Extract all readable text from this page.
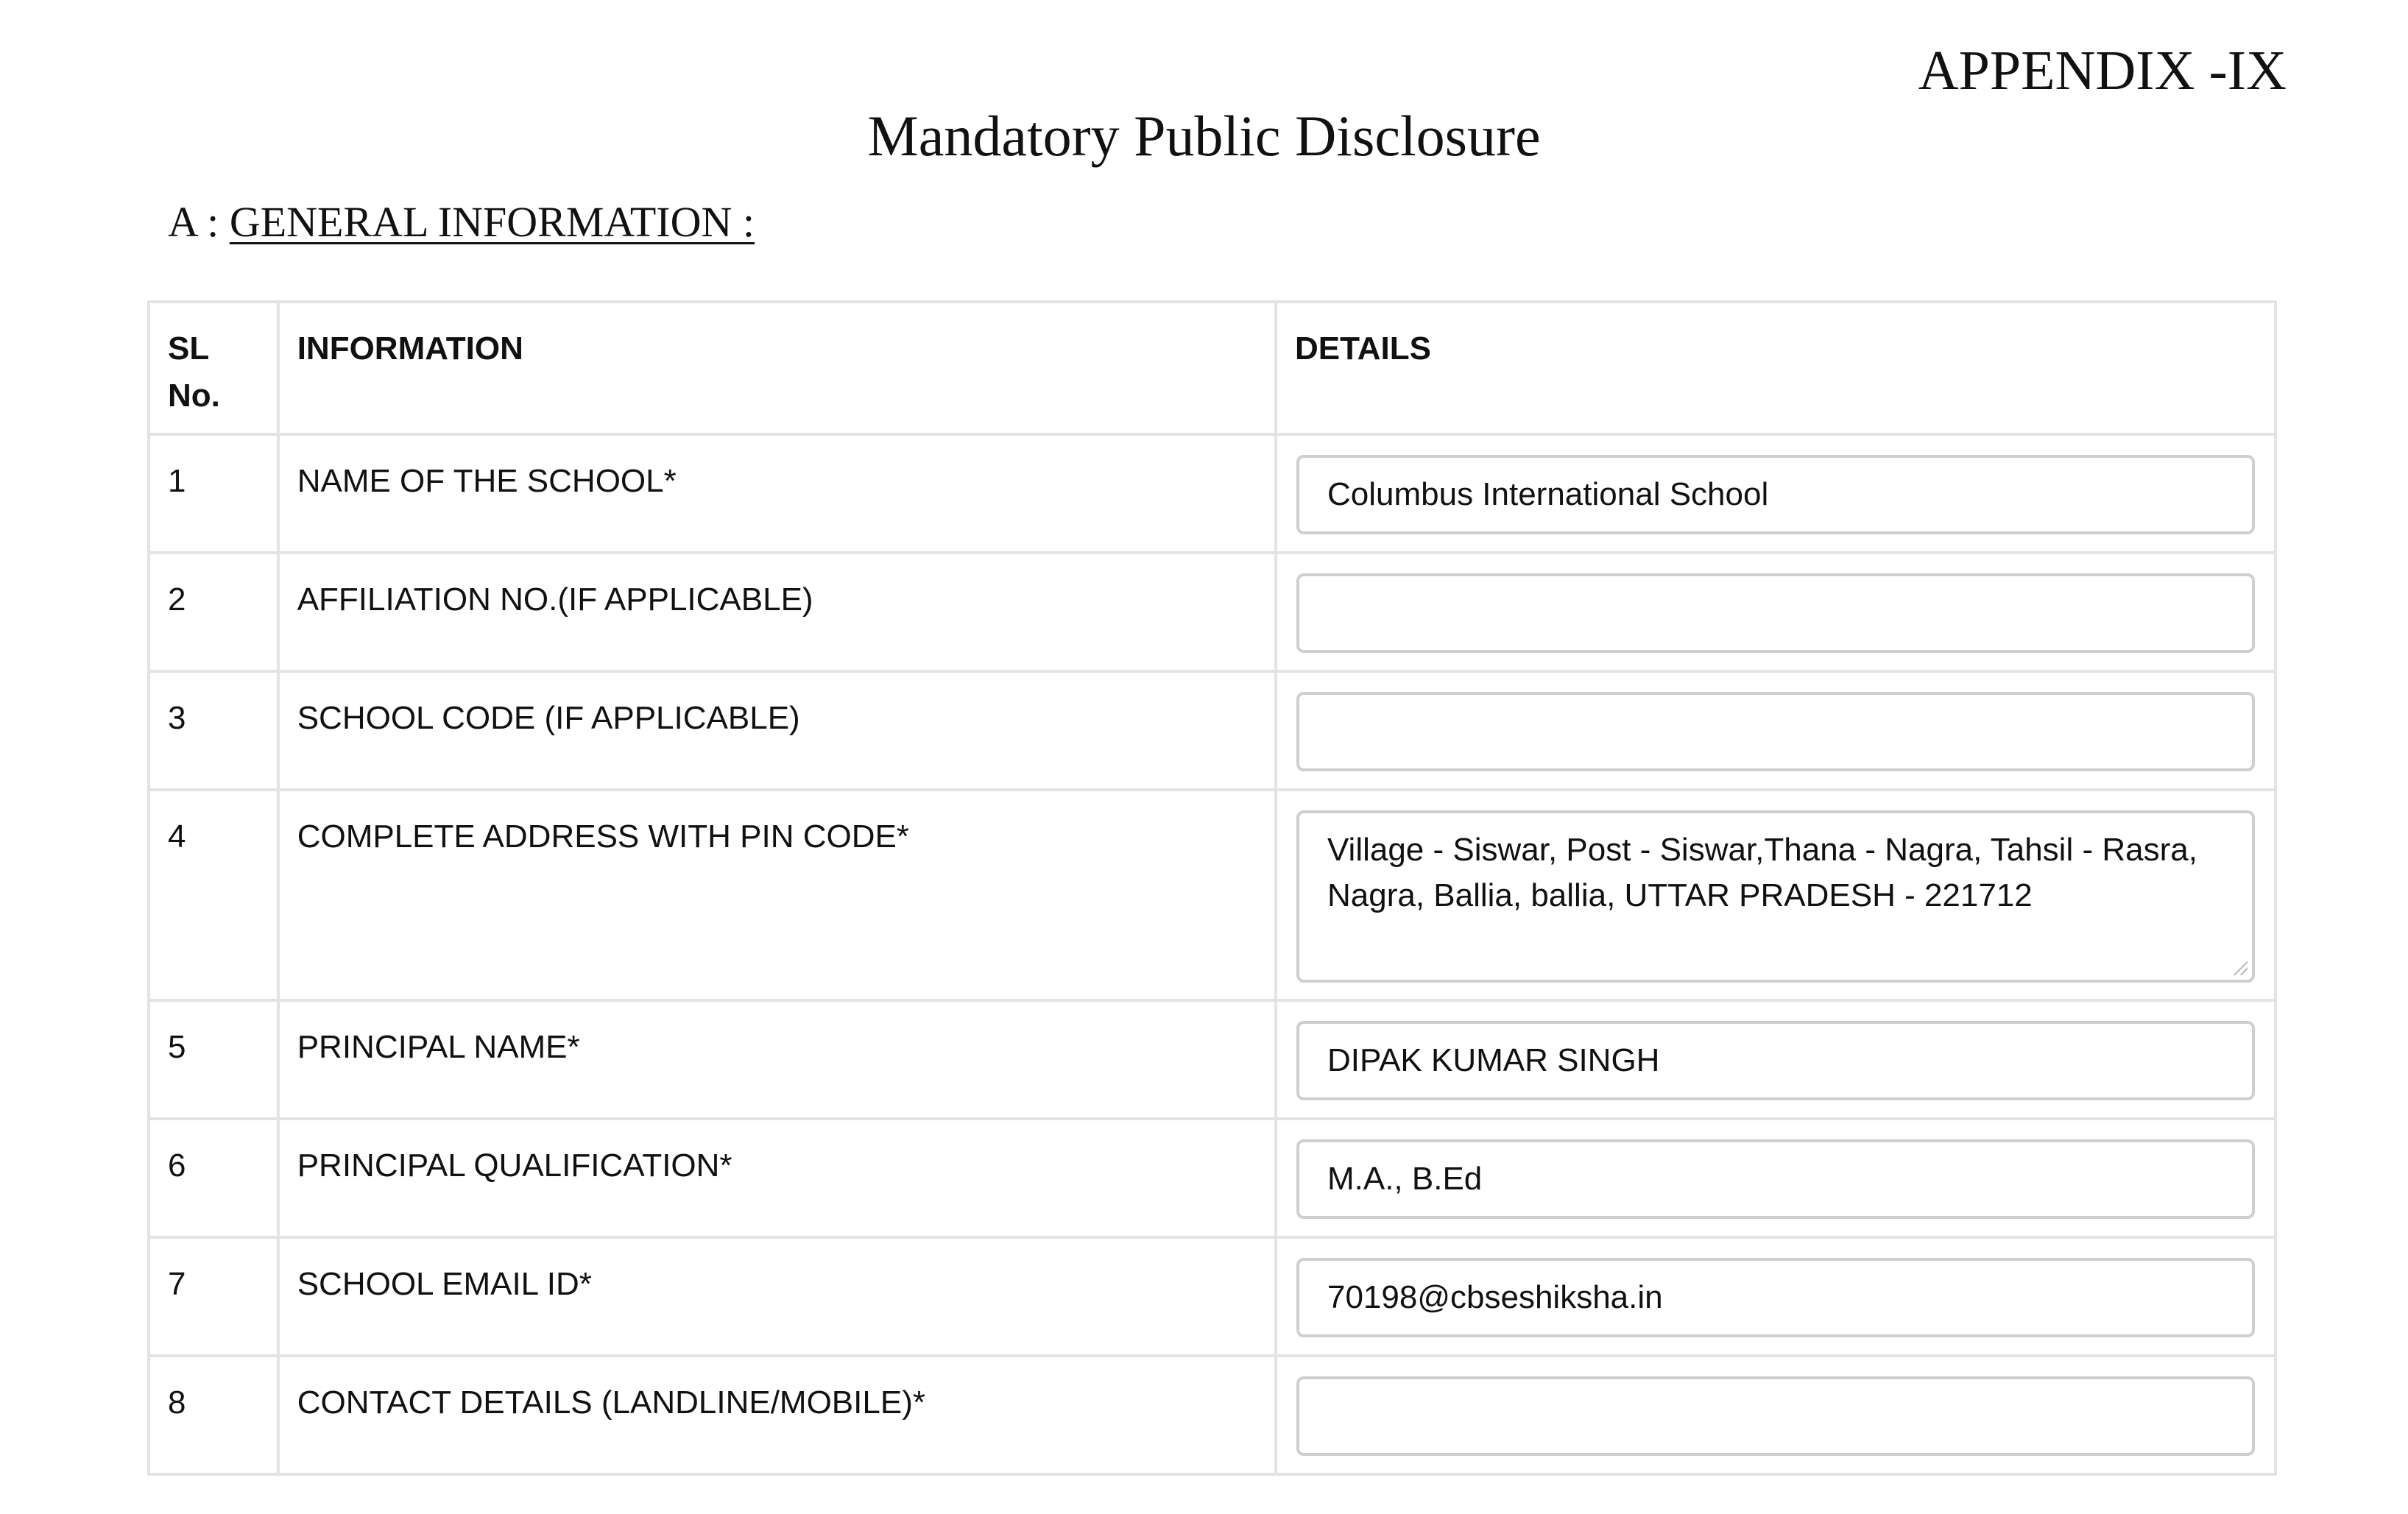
APPENDIX -IX
Mandatory Public Disclosure
A : GENERAL INFORMATION :
SL
No.	INFORMATION	DETAILS
1	NAME OF THE SCHOOL*	Columbus International School

2	AFFILIATION NO.(IF APPLICABLE)	

3	SCHOOL CODE (IF APPLICABLE)	

4	COMPLETE ADDRESS WITH PIN CODE*	Village - Siswar, Post - Siswar,Thana - Nagra, Tahsil - Rasra, Nagra, Ballia, ballia, UTTAR PRADESH - 221712

5	PRINCIPAL NAME*	DIPAK KUMAR SINGH

6	PRINCIPAL QUALIFICATION*	M.A., B.Ed

7	SCHOOL EMAIL ID*	70198@cbseshiksha.in

8	CONTACT DETAILS (LANDLINE/MOBILE)*	
